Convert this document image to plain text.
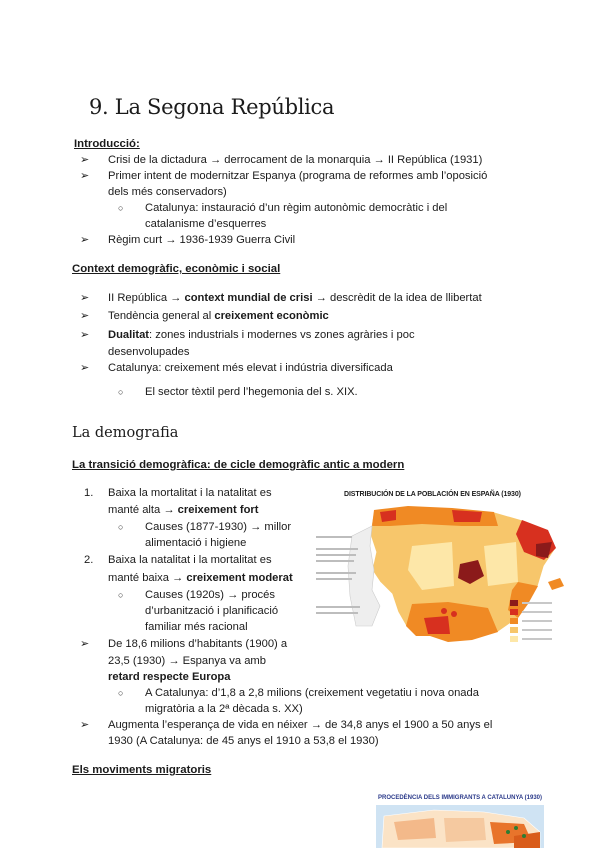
9. La Segona República
Introducció:
➢ Crisi de la dictadura → derrocament de la monarquia → II República (1931)
➢ Primer intent de modernitzar Espanya (programa de reformes amb l’oposició
dels més conservadors)
○ Catalunya: instauració d’un règim autonòmic democràtic i del
catalanisme d’esquerres
➢ Règim curt → 1936-1939 Guerra Civil
Context demogràfic, econòmic i social
➢ II República → context mundial de crisi → descrèdit de la idea de llibertat
➢ Tendència general al creixement econòmic
➢ Dualitat: zones industrials i modernes vs zones agràries i poc
desenvolupades
➢ Catalunya: creixement més elevat i indústria diversificada
○ El sector tèxtil perd l’hegemonia del s. XIX.
La demografia
La transició demogràfica: de cicle demogràfic antic a modern
1. Baixa la mortalitat i la natalitat es
manté alta → creixement fort
○ Causes (1877-1930) → millor
alimentació i higiene
2. Baixa la natalitat i la mortalitat es
manté baixa → creixement moderat
○ Causes (1920s) → procés
d’urbanització i planificació
familiar més racional
➢ De 18,6 milions d’habitants (1900) a
23,5 (1930) → Espanya va amb
retard respecte Europa
○ A Catalunya: d’1,8 a 2,8 milions (creixement vegetatiu i nova onada
migratòria a la 2ª dècada s. XX)
➢ Augmenta l’esperança de vida en néixer → de 34,8 anys el 1900 a 50 anys el
1930 (A Catalunya: de 45 anys el 1910 a 53,8 el 1930)
Els moviments migratoris
DISTRIBUCIÓN DE LA POBLACIÓN EN ESPAÑA (1930)
PROCEDÈNCIA DELS IMMIGRANTS A CATALUNYA (1930)
